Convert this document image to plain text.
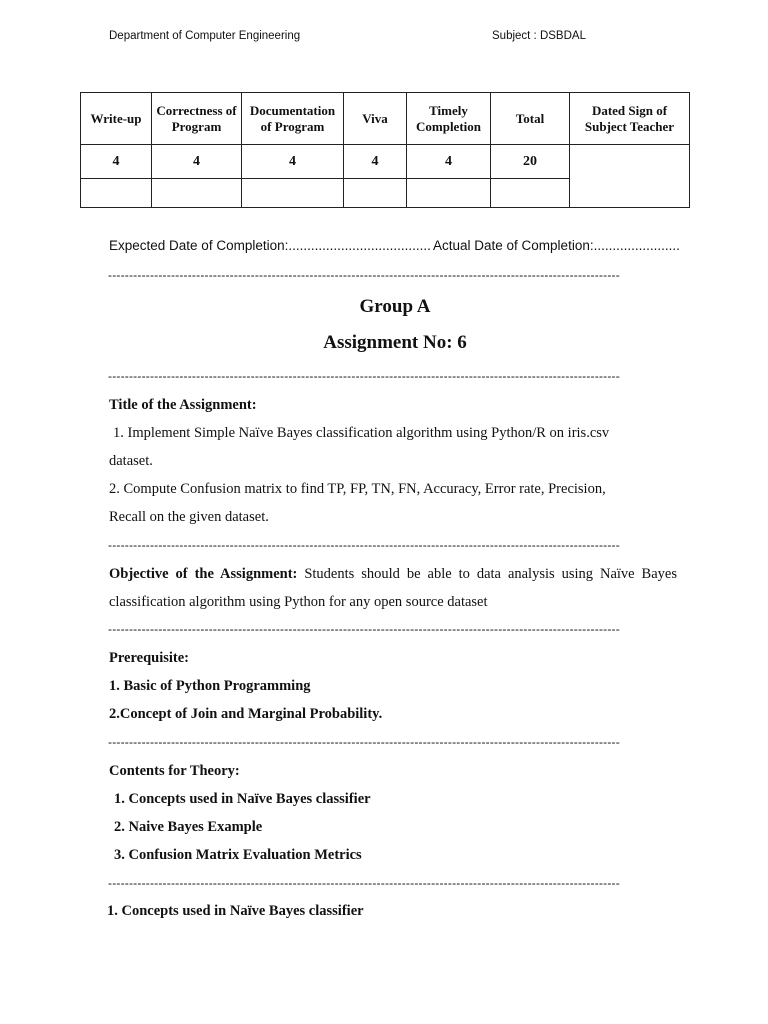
Department of Computer Engineering	Subject : DSBDAL
Write-up	Correctness of Program	Documentation of Program	Viva	Timely Completion	Total	Dated Sign of Subject Teacher
4	4	4	4	4	20	

Expected Date of Completion:...................................... Actual Date of Completion:.......................
--------------------------------------------------------------------------------------------------------------------------
Group A
Assignment No: 6
--------------------------------------------------------------------------------------------------------------------------
Title of the Assignment:
1. Implement Simple Naïve Bayes classification algorithm using Python/R on iris.csv
dataset.
2. Compute Confusion matrix to find TP, FP, TN, FN, Accuracy, Error rate, Precision,
Recall on the given dataset.
--------------------------------------------------------------------------------------------------------------------------
Objective of the Assignment: Students should be able to data analysis using Naïve Bayes
classification algorithm using Python for any open source dataset
--------------------------------------------------------------------------------------------------------------------------
Prerequisite:
1. Basic of Python Programming
2.Concept of Join and Marginal Probability.
--------------------------------------------------------------------------------------------------------------------------
Contents for Theory:
1. Concepts used in Naïve Bayes classifier
2. Naive Bayes Example
3. Confusion Matrix Evaluation Metrics
--------------------------------------------------------------------------------------------------------------------------
1. Concepts used in Naïve Bayes classifier
